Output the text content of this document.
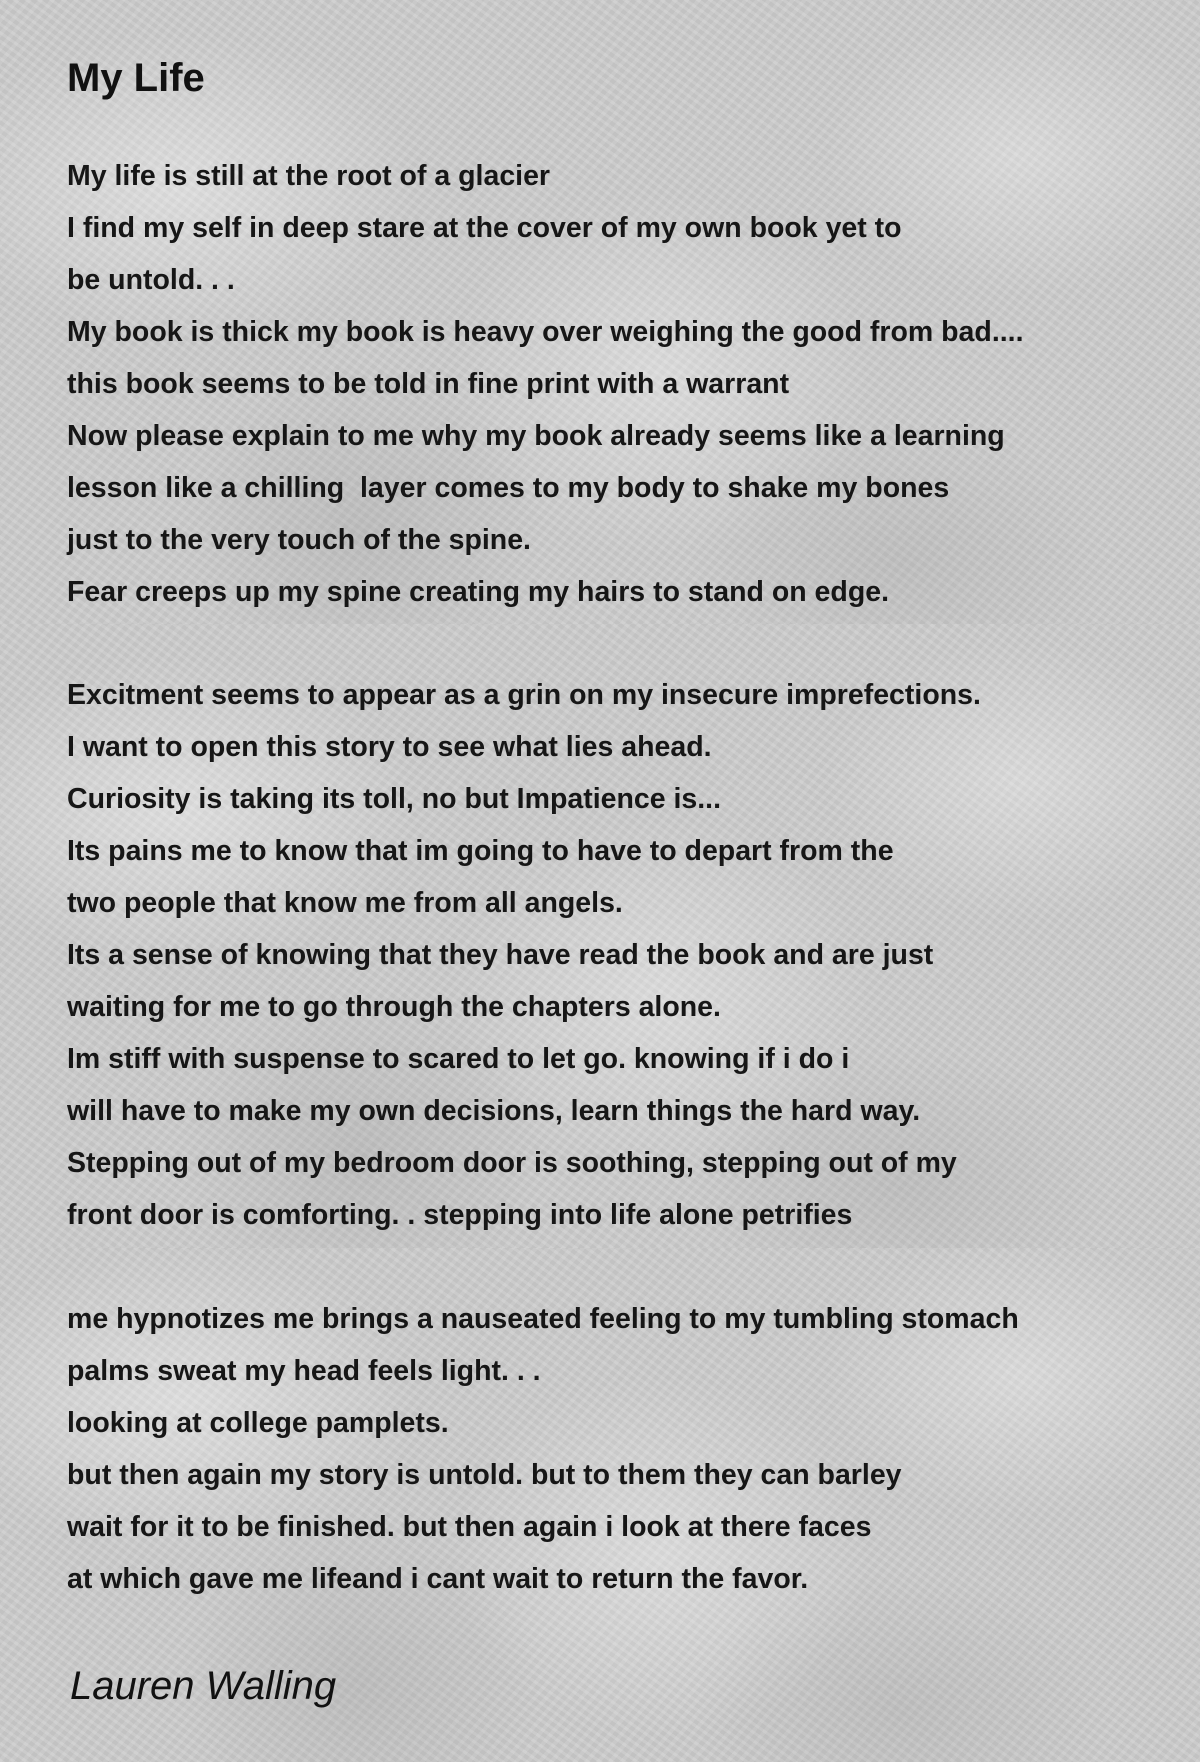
My Life
My life is still at the root of a glacier
I find my self in deep stare at the cover of my own book yet to
be untold. . .
My book is thick my book is heavy over weighing the good from bad....
this book seems to be told in fine print with a warrant
Now please explain to me why my book already seems like a learning
lesson like a chilling  layer comes to my body to shake my bones
just to the very touch of the spine.
Fear creeps up my spine creating my hairs to stand on edge.
Excitment seems to appear as a grin on my insecure imprefections.
I want to open this story to see what lies ahead.
Curiosity is taking its toll, no but Impatience is...
Its pains me to know that im going to have to depart from the
two people that know me from all angels.
Its a sense of knowing that they have read the book and are just
waiting for me to go through the chapters alone.
Im stiff with suspense to scared to let go. knowing if i do i
will have to make my own decisions, learn things the hard way.
Stepping out of my bedroom door is soothing, stepping out of my
front door is comforting. . stepping into life alone petrifies
me hypnotizes me brings a nauseated feeling to my tumbling stomach
palms sweat my head feels light. . .
looking at college pamplets.
but then again my story is untold. but to them they can barley
wait for it to be finished. but then again i look at there faces
at which gave me lifeand i cant wait to return the favor.
Lauren Walling
